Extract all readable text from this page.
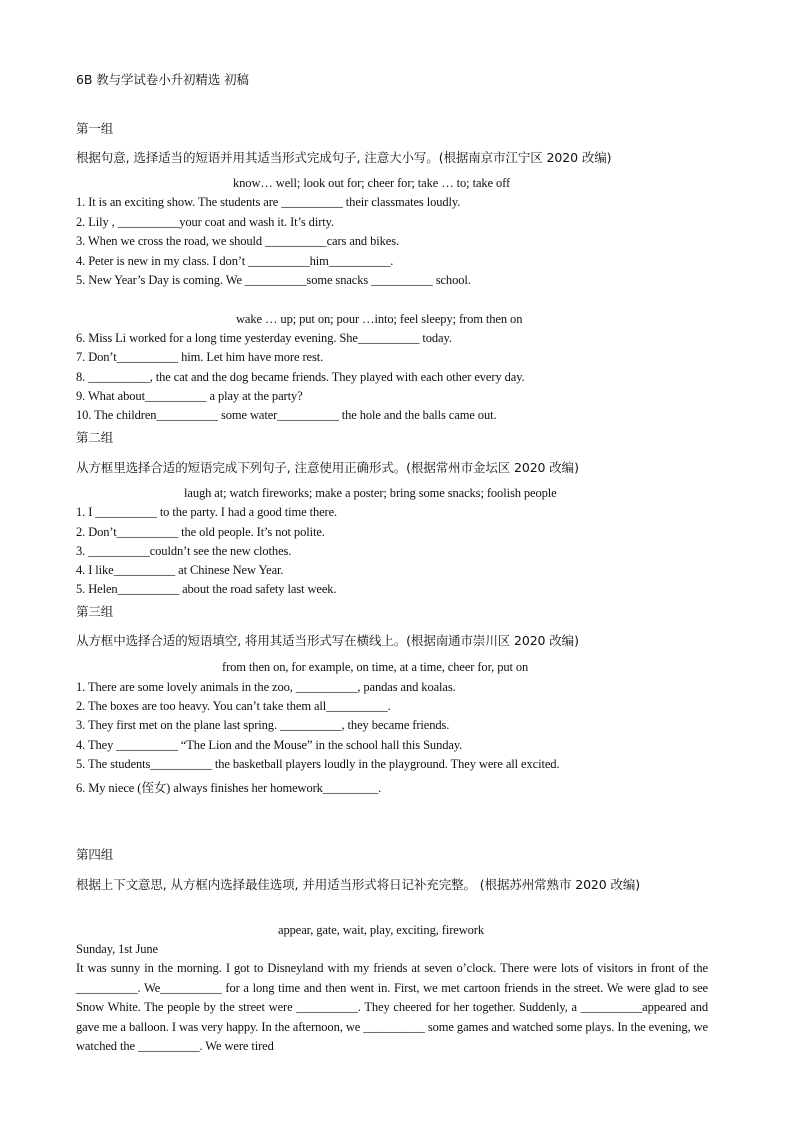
6B 教与学试卷小升初精选 初稿
第一组
根据句意, 选择适当的短语并用其适当形式完成句子, 注意大小写。(根据南京市江宁区 2020 改编)
know… well; look out for; cheer for; take … to; take off
1. It is an exciting show. The students are __________ their classmates loudly.
2. Lily , __________your coat and wash it. It’s dirty.
3. When we cross the road, we should __________cars and bikes.
4. Peter is new in my class. I don’t __________him__________.
5. New Year’s Day is coming. We __________some snacks __________ school.
wake … up; put on; pour …into; feel sleepy; from then on
6. Miss Li worked for a long time yesterday evening. She__________ today.
7. Don’t__________ him. Let him have more rest.
8. __________, the cat and the dog became friends. They played with each other every day.
9. What about__________ a play at the party?
10. The children__________ some water__________ the hole and the balls came out.
第二组
从方框里选择合适的短语完成下列句子, 注意使用正确形式。(根据常州市金坛区 2020 改编)
laugh at; watch fireworks; make a poster; bring some snacks; foolish people
1. I __________ to the party. I had a good time there.
2. Don’t__________ the old people. It’s not polite.
3. __________couldn’t see the new clothes.
4. I like__________ at Chinese New Year.
5. Helen__________ about the road safety last week.
第三组
从方框中选择合适的短语填空, 将用其适当形式写在横线上。(根据南通市崇川区 2020 改编)
from then on, for example, on time, at a time, cheer for, put on
1. There are some lovely animals in the zoo, __________, pandas and koalas.
2. The boxes are too heavy. You can’t take them all__________.
3. They first met on the plane last spring. __________, they became friends.
4. They __________ “The Lion and the Mouse” in the school hall this Sunday.
5. The students__________ the basketball players loudly in the playground. They were all excited.
6. My niece (侄女) always finishes her homework_________.
第四组
根据上下文意思, 从方框内选择最佳选项, 并用适当形式将日记补充完整。 (根据苏州常熟市 2020 改编)
appear, gate, wait, play, exciting, firework
Sunday, 1st June
It was sunny in the morning. I got to Disneyland with my friends at seven o’clock. There were lots of visitors in front of the __________. We__________ for a long time and then went in. First, we met cartoon friends in the street. We were glad to see Snow White. The people by the street were __________. They cheered for her together. Suddenly, a __________appeared and gave me a balloon. I was very happy. In the afternoon, we __________ some games and watched some plays. In the evening, we watched the __________. We were tired
